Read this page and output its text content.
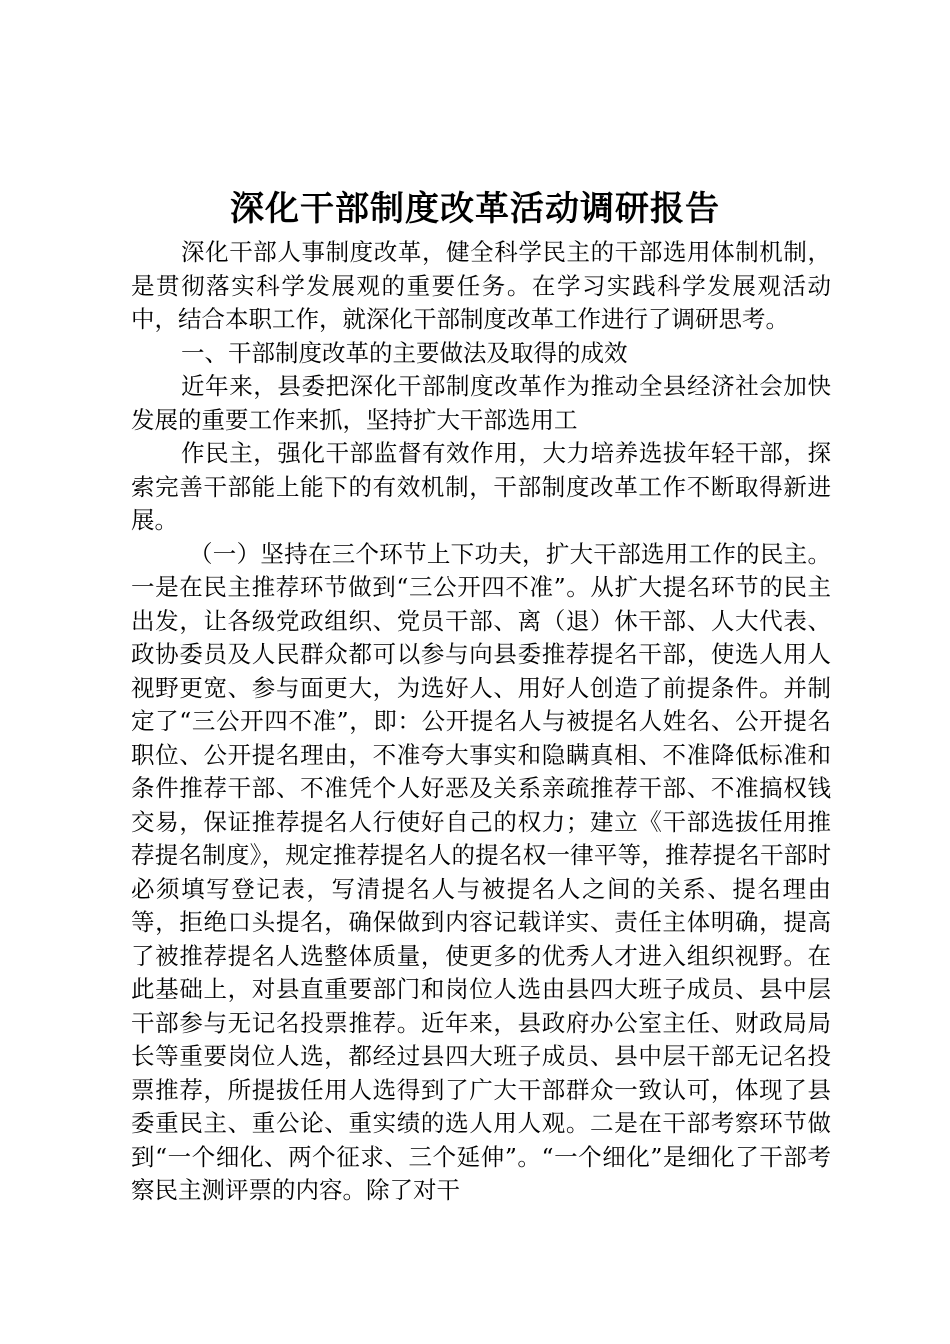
深化干部制度改革活动调研报告

深化干部人事制度改革，健全科学民主的干部选用体制机制，是贯彻落实科学发展观的重要任务。在学习实践科学发展观活动中，结合本职工作，就深化干部制度改革工作进行了调研思考。

一、干部制度改革的主要做法及取得的成效

近年来，县委把深化干部制度改革作为推动全县经济社会加快发展的重要工作来抓，坚持扩大干部选用工

作民主，强化干部监督有效作用，大力培养选拔年轻干部，探索完善干部能上能下的有效机制，干部制度改革工作不断取得新进展。

（一）坚持在三个环节上下功夫，扩大干部选用工作的民主。一是在民主推荐环节做到“三公开四不准”。从扩大提名环节的民主出发，让各级党政组织、党员干部、离（退）休干部、人大代表、政协委员及人民群众都可以参与向县委推荐提名干部，使选人用人视野更宽、参与面更大，为选好人、用好人创造了前提条件。并制定了“三公开四不准”，即：公开提名人与被提名人姓名、公开提名职位、公开提名理由，不准夸大事实和隐瞒真相、不准降低标准和条件推荐干部、不准凭个人好恶及关系亲疏推荐干部、不准搞权钱交易，保证推荐提名人行使好自己的权力；建立《干部选拔任用推荐提名制度》，规定推荐提名人的提名权一律平等，推荐提名干部时必须填写登记表，写清提名人与被提名人之间的关系、提名理由等，拒绝口头提名，确保做到内容记载详实、责任主体明确，提高了被推荐提名人选整体质量，使更多的优秀人才进入组织视野。在此基础上，对县直重要部门和岗位人选由县四大班子成员、县中层干部参与无记名投票推荐。近年来，县政府办公室主任、财政局局长等重要岗位人选，都经过县四大班子成员、县中层干部无记名投票推荐，所提拔任用人选得到了广大干部群众一致认可，体现了县委重民主、重公论、重实绩的选人用人观。二是在干部考察环节做到“一个细化、两个征求、三个延伸”。“一个细化”是细化了干部考察民主测评票的内容。除了对干
